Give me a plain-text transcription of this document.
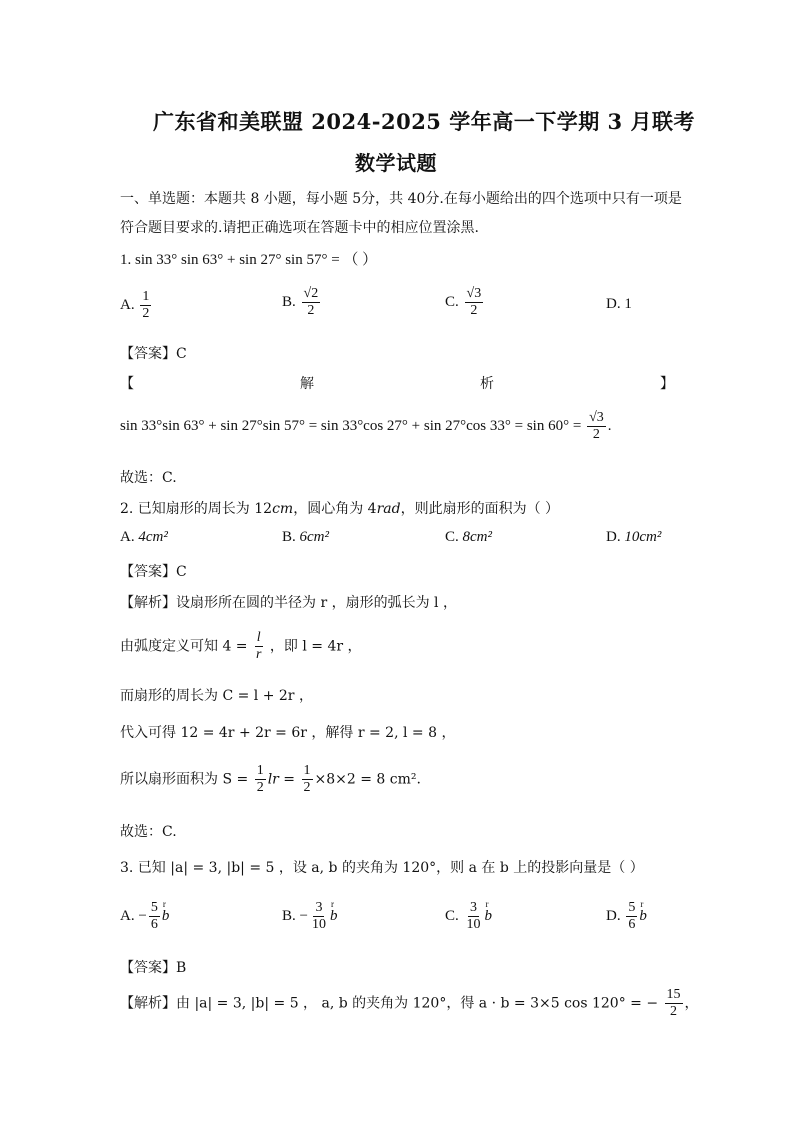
广东省和美联盟 2024-2025 学年高一下学期 3 月联考
数学试题
一、单选题：本题共 8 小题，每小题 5分，共 40分.在每小题给出的四个选项中只有一项是
符合题目要求的.请把正确选项在答题卡中的相应位置涂黑.
1. sin 33° sin 63° + sin 27° sin 57° = （ ）
A. $\frac{1}{2}$	B. $\frac{√2}{2}$	C. $\frac{√3}{2}$	D. 1
【答案】C
【	解	析	】
sin 33°sin 63° + sin 27°sin 57° = sin 33°cos 27° + sin 27°cos $33^\circ = \sin 60^\circ = \frac{√3}{2}$ .
故选：C.
2. 已知扇形的周长为 12cm，圆心角为 4rad，则此扇形的面积为（ ）
A. 4cm²	B. 6cm²	C. 8cm²	D. 10cm²
【答案】C
【解析】设扇形所在圆的半径为 r ，扇形的弧长为 l ，
由弧度定义可知 $4 = \frac{l}{r}$ ，即 l = 4r ，
而扇形的周长为 C = l + 2r ，
代入可得 12 = 4r + 2r = 6r ，解得 r = 2, l = 8 ，
所以扇形面积为 $S = \frac{1}{2}$ lr = $\frac{1}{2} \times 8\times 2 = 8$ cm².
故选：C.
3. 已知 |a| = 3, |b| = 5 ，设 a, b 的夹角为 120°，则 a 在 b 上的投影向量是（ ）
A. − $\frac{5}{6}$ r b	B. − $\frac{3}{10}$ r b	C. $\frac{3}{10}$ r b	D. $\frac{5}{6}$ r b
【答案】B
【解析】由 |a| = 3, |b| = 5 ， a, b 的夹角为 120°，得 a · b = 3×5 cos 120° = − $\frac{15}{2}$ ，
